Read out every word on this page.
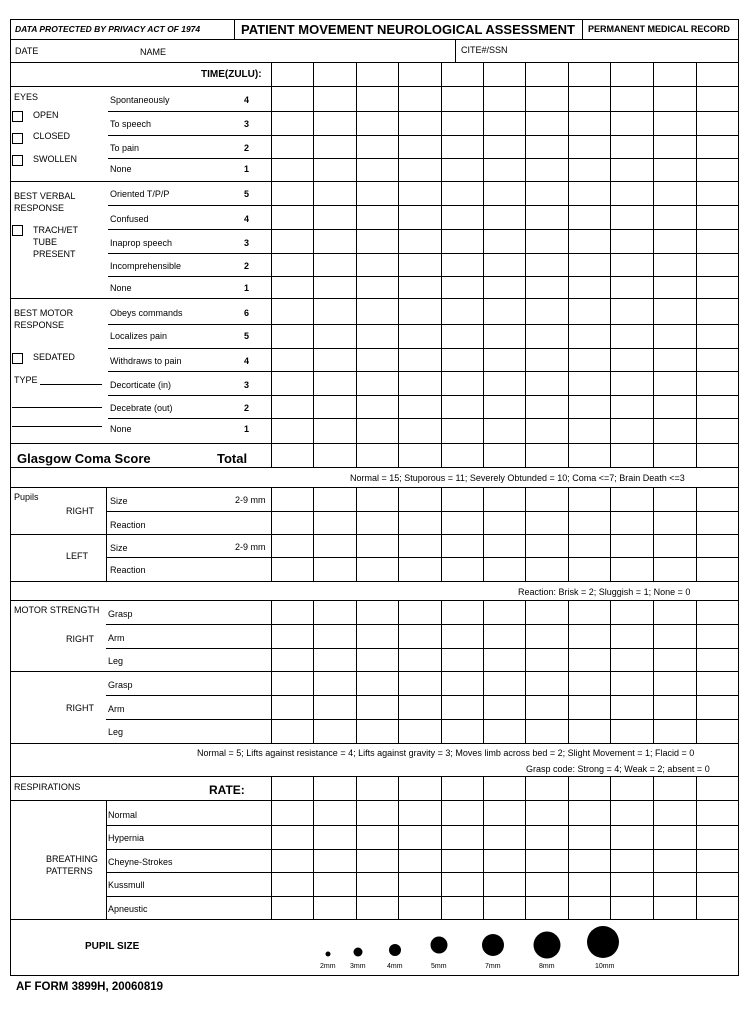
DATA PROTECTED BY PRIVACY ACT OF 1974	PATIENT MOVEMENT NEUROLOGICAL ASSESSMENT PERMANENT MEDICAL RECORD
DATE	NAME	CITE#/SSN
TIME(ZULU):
EYES
OPEN
CLOSED
SWOLLEN
Spontaneously	4
To speech	3
To pain	2
None	1
BEST VERBAL
RESPONSE
TRACH/ET
TUBE
PRESENT
Oriented T/P/P	5
Confused	4
Inaprop speech	3
Incomprehensible	2
None	1
BEST MOTOR
RESPONSE
SEDATED
TYPE
Obeys commands	6
Localizes pain	5
Withdraws to pain	4
Decorticate (in)	3
Decebrate (out)	2
None	1
Glasgow Coma Score	Total
Normal = 15; Stuporous = 11; Severely Obtunded = 10; Coma <=7; Brain Death <=3
Pupils
RIGHT
Size	2-9 mm
Reaction
LEFT
Size	2-9 mm
Reaction
Reaction: Brisk = 2; Sluggish = 1; None = 0
MOTOR STRENGTH
RIGHT
Grasp
Arm
Leg
RIGHT
Grasp
Arm
Leg
Normal = 5; Lifts against resistance = 4; Lifts against gravity = 3; Moves limb across bed = 2; Slight Movement = 1; Flacid = 0
Grasp code: Strong = 4; Weak = 2; absent = 0
RESPIRATIONS	RATE:
Normal
Hypernia
Cheyne-Strokes
Kussmull
Apneustic
BREATHING
PATTERNS
PUPIL SIZE
2mm 3mm	4mm	5mm	7mm	8mm	10mm
AF FORM 3899H, 20060819
